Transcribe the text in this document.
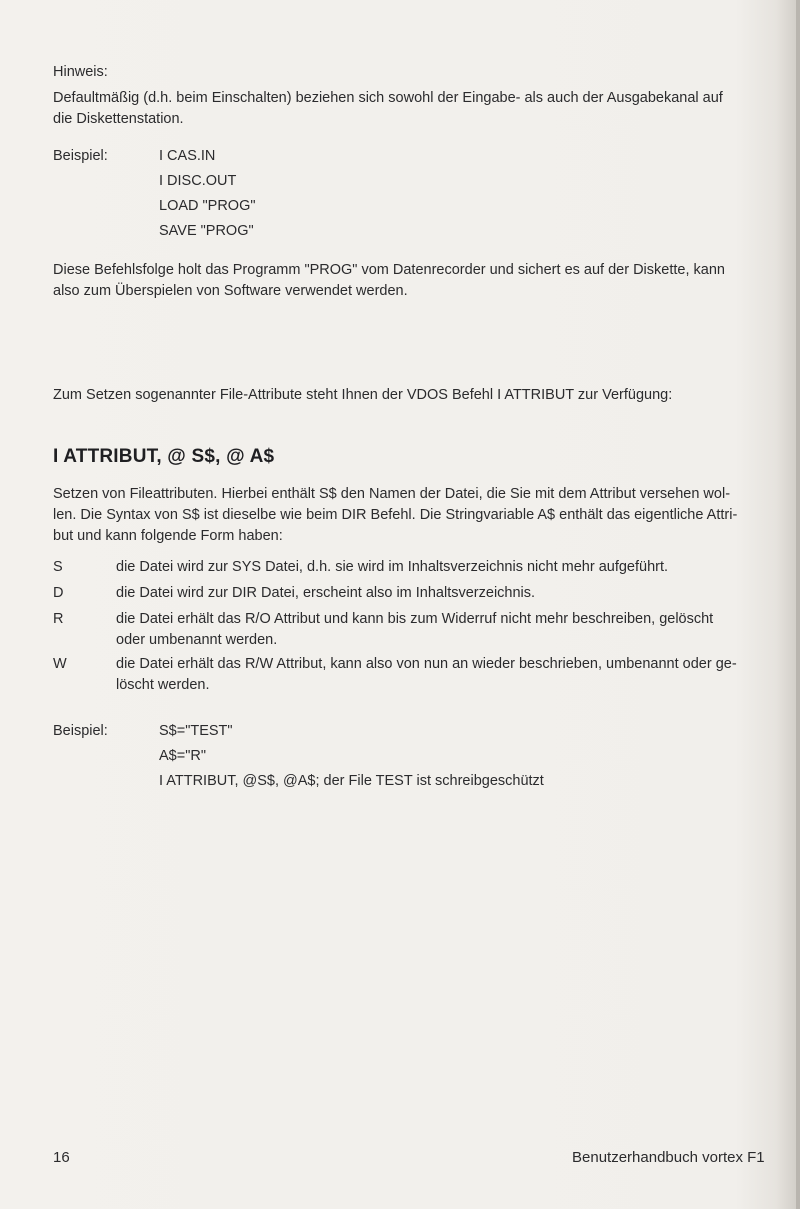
Hinweis:
Defaultmäßig (d.h. beim Einschalten) beziehen sich sowohl der Eingabe- als auch der Ausgabekanal auf
die Diskettenstation.
Beispiel:	I CAS.IN
I DISC.OUT
LOAD "PROG"
SAVE "PROG"
Diese Befehlsfolge holt das Programm "PROG" vom Datenrecorder und sichert es auf der Diskette, kann
also zum Überspielen von Software verwendet werden.
Zum Setzen sogenannter File-Attribute steht Ihnen der VDOS Befehl I ATTRIBUT zur Verfügung:
I ATTRIBUT, @ S$, @ A$
Setzen von Fileattributen. Hierbei enthält S$ den Namen der Datei, die Sie mit dem Attribut versehen wol-
len. Die Syntax von S$ ist dieselbe wie beim DIR Befehl. Die Stringvariable A$ enthält das eigentliche Attri-
but und kann folgende Form haben:
S	die Datei wird zur SYS Datei, d.h. sie wird im Inhaltsverzeichnis nicht mehr aufgeführt.
D	die Datei wird zur DIR Datei, erscheint also im Inhaltsverzeichnis.
R	die Datei erhält das R/O Attribut und kann bis zum Widerruf nicht mehr beschreiben, gelöscht
oder umbenannt werden.
W	die Datei erhält das R/W Attribut, kann also von nun an wieder beschrieben, umbenannt oder ge-
löscht werden.
Beispiel:	S$="TEST"
A$="R"
I ATTRIBUT, @S$, @A$; der File TEST ist schreibgeschützt
16	Benutzerhandbuch vortex F1
